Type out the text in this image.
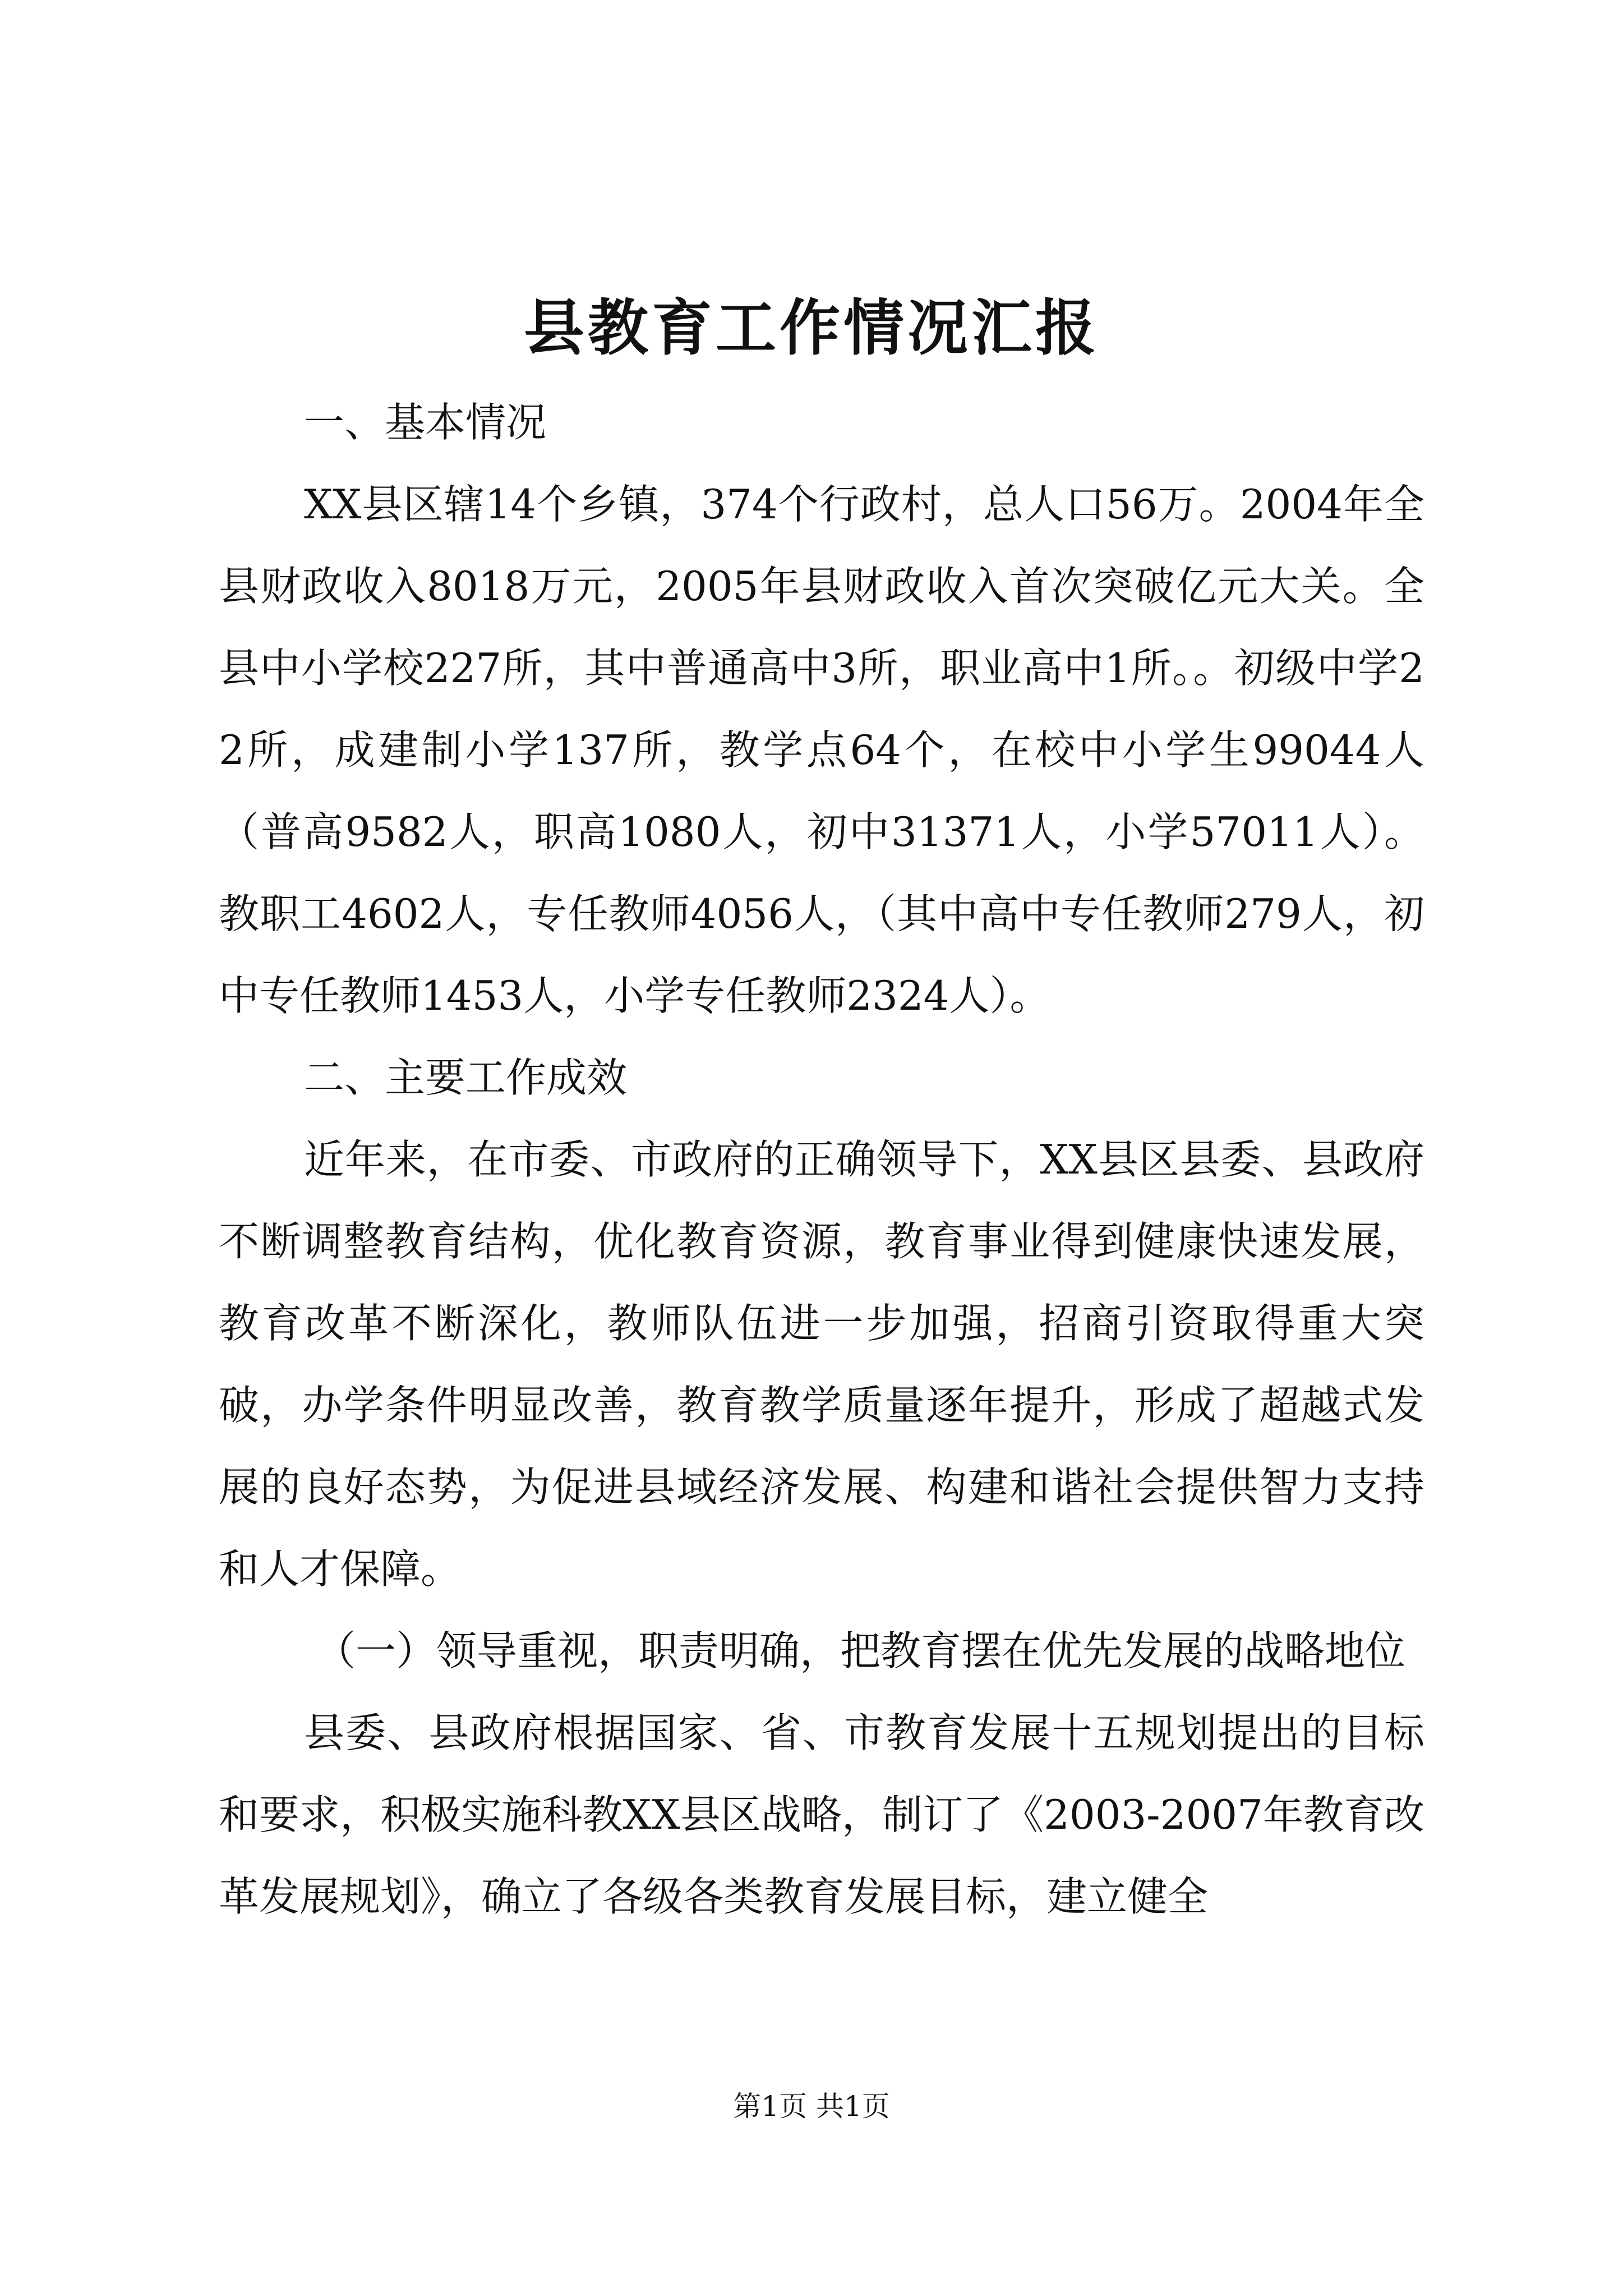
县教育工作情况汇报

一、基本情况

XX县区辖14个乡镇，374个行政村，总人口56万。2004年全县财政收入8018万元，2005年县财政收入首次突破亿元大关。全县中小学校227所，其中普通高中3所，职业高中1所。。初级中学22所，成建制小学137所，教学点64个，在校中小学生99044人（普高9582人，职高1080人，初中31371人，小学57011人）。教职工4602人，专任教师4056人，（其中高中专任教师279人，初中专任教师1453人，小学专任教师2324人）。

二、主要工作成效

近年来，在市委、市政府的正确领导下，XX县区县委、县政府不断调整教育结构，优化教育资源，教育事业得到健康快速发展，教育改革不断深化，教师队伍进一步加强，招商引资取得重大突破，办学条件明显改善，教育教学质量逐年提升，形成了超越式发展的良好态势，为促进县域经济发展、构建和谐社会提供智力支持和人才保障。

（一）领导重视，职责明确，把教育摆在优先发展的战略地位

县委、县政府根据国家、省、市教育发展十五规划提出的目标和要求，积极实施科教XX县区战略，制订了《2003-2007年教育改革发展规划》，确立了各级各类教育发展目标，建立健全

第1页 共1页
